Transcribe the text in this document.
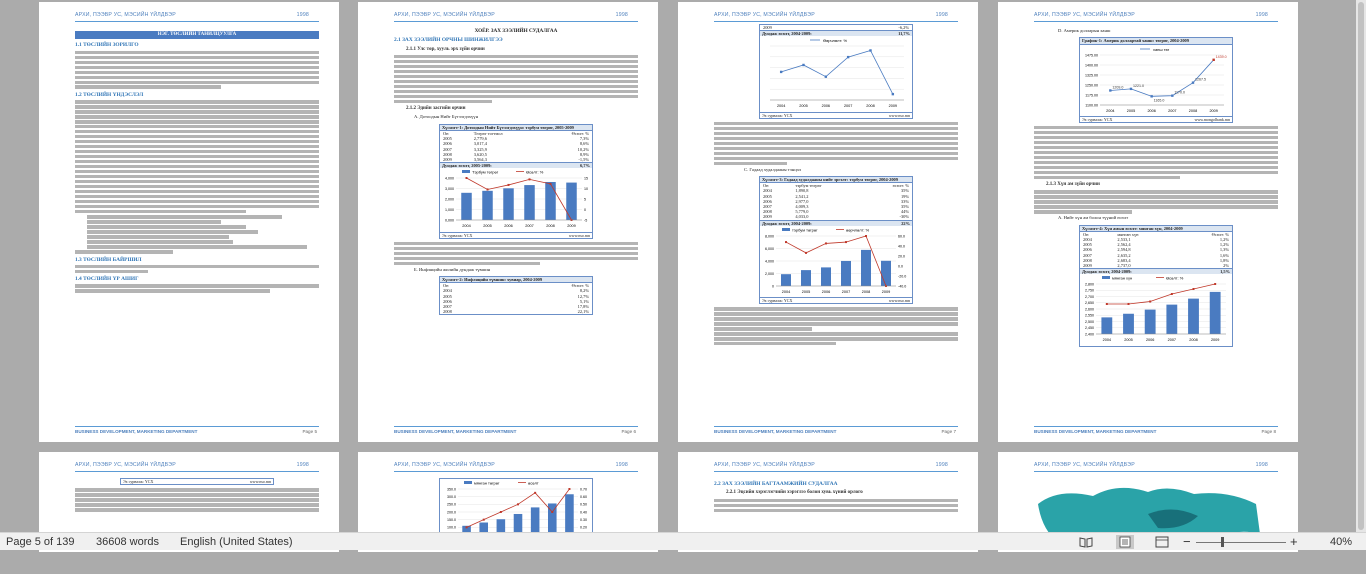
АРХИ, ПЭЭВР УС, МЭСИЙН ҮЙЛДВЭР	1998
НЭГ. ТӨСЛИЙН ТАНИЛЦУУЛГА
1.1 ТӨСЛИЙН ЗОРИЛГО
1.2 ТӨСЛИЙН ҮНДЭСЛЭЛ
1.3 ТӨСЛИЙН БАЙРШИЛ
1.4 ТӨСЛИЙН ҮР АШИГ
BUSINESS DEVELOPMENT, MARKETING DEPARTMENT	Page 5
АРХИ, ПЭЭВР УС, МЭСИЙН ҮЙЛДВЭР	1998
ХОЁР. ЗАХ ЗЭЭЛИЙН СУДАЛГАА
2.1 ЗАХ ЗЭЭЛИЙН ОРЧНЫ ШИНЖИЛГЭЭ
2.1.1 Улс төр, хууль эрх зүйн орчин
2.1.2 Эдийн засгийн орчин
А. Дотоодын Нийт Бүтээгдэхүүн
Хүснэгт-1: Дотоодын Нийт Бүтээгдэхүүн: тэрбум төгрөг, 2005-2009
Он	Төгрөг тогтмол	Өсөлт: %
2005	2,779,6	7,3%
2006	3,017,4	8,6%
2007	3,325,9	10,2%
2008	3,620,5	8,9%
2009	3,564,3	-1,5%
Дундаж өсөлт, 2005-2009:	6,7%
Тэрбум төгрөг	Өсөлт: %
4,000
3,000
2,000
1,000
0,000
15
10
5
0
-5
2004	2005	2006	2007	2008	2009
Эх сурвалж: YCX	www.nso.mn
Б. Инфляцийн жилийн дундаж түвшин
Хүснэгт-2: Инфляцийн түвшин: хувиар, 2004-2009
Он	Өсөлт: %
2004	8,2%
2005	12,7%
2006	5,1%
2007	17,8%
2008	22,1%
BUSINESS DEVELOPMENT, MARKETING DEPARTMENT	Page 6
АРХИ, ПЭЭВР УС, МЭСИЙН ҮЙЛДВЭР	1998
2009	-6,2%
Дундаж өсөлт, 2004-2009:	11,7%
Өөрчлөлт: %
2004	2005	2006	2007	2008	2009
Эх сурвалж: YCX	www.nso.mn
С. Гадаад худалдааны тэнцэл
Хүснэгт-3: Гадаад худалдааны нийт эргэлт: тэрбум төгрөг, 2004-2009
Он	тэрбум төгрөг	өсөлт: %
2004	1,890,8	35%
2005	2,541,2	19%
2006	2,977,0	33%
2007	4,009,3	35%
2008	5,779,0	44%
2009	4,033,0	-30%
Дундаж өсөлт, 2004-2009:	22%
тэрбум төгрөг	өөрчлөлт: %
8,000
6,000
4,000
2,000
0
60.0
40.0
20.0
0.0
-20.0
-40.0
2004	2005	2006	2007	2008	2009
Эх сурвалж: YCX	www.nso.mn
BUSINESS DEVELOPMENT, MARKETING DEPARTMENT	Page 7
АРХИ, ПЭЭВР УС, МЭСИЙН ҮЙЛДВЭР	1998
D. Америк долларын ханш
График-1: Америк доллартай ханш: төгрөг, 2004-2009
ханш төг
1475.00
1400.00
1325.00
1250.00
1175.00
1100.00
1209.0
2004
1221.0
2005
1165.0
2006
1170.0
2007
1267.5
2008
1439.0
2009
Эх сурвалж: YCX	www.mongolbank.mn
2.1.3 Хүн ам зүйн орчин
A. Нийт хүн ам болон түүний өсөлт
Хүснэгт-4: Хүн амын өсөлт: мянган хүн, 2004-2009
Он	мянган хүн	Өсөлт: %
2004	2,533,1	1,2%
2005	2,562,4	1,2%
2006	2,594,8	1,3%
2007	2,635,2	1,6%
2008	2,683,4	1,8%
2009	2,737,0	2%
Дундаж өсөлт, 2004-2009:	1,5%
мянган хүн	Өсөлт: %
2,800
2,750
2,700
2,650
2,600
2,550
2,500
2,450
2,400
2004	2005	2006	2007	2008	2009
BUSINESS DEVELOPMENT, MARKETING DEPARTMENT	Page 8
АРХИ, ПЭЭВР УС, МЭСИЙН ҮЙЛДВЭР	1998
Эх сурвалж: YCX	www.nso.mn
АРХИ, ПЭЭВР УС, МЭСИЙН ҮЙЛДВЭР	1998
мянган төгрөг	өсөлт
350.0
300.0
250.0
200.0
150.0
100.0
0.70
0.60
0.50
0.40
0.30
0.20
АРХИ, ПЭЭВР УС, МЭСИЙН ҮЙЛДВЭР	1998
2.2 ЗАХ ЗЭЭЛИЙН БАГТААМЖИЙН СУДАЛГАА
2.2.1 Эцсийн хэрэглэгчийн хэрэглээ болон хувь хүний орлого
АРХИ, ПЭЭВР УС, МЭСИЙН ҮЙЛДВЭР	1998
Page 5 of 139 36608 words English (United States)	−	+	40%
